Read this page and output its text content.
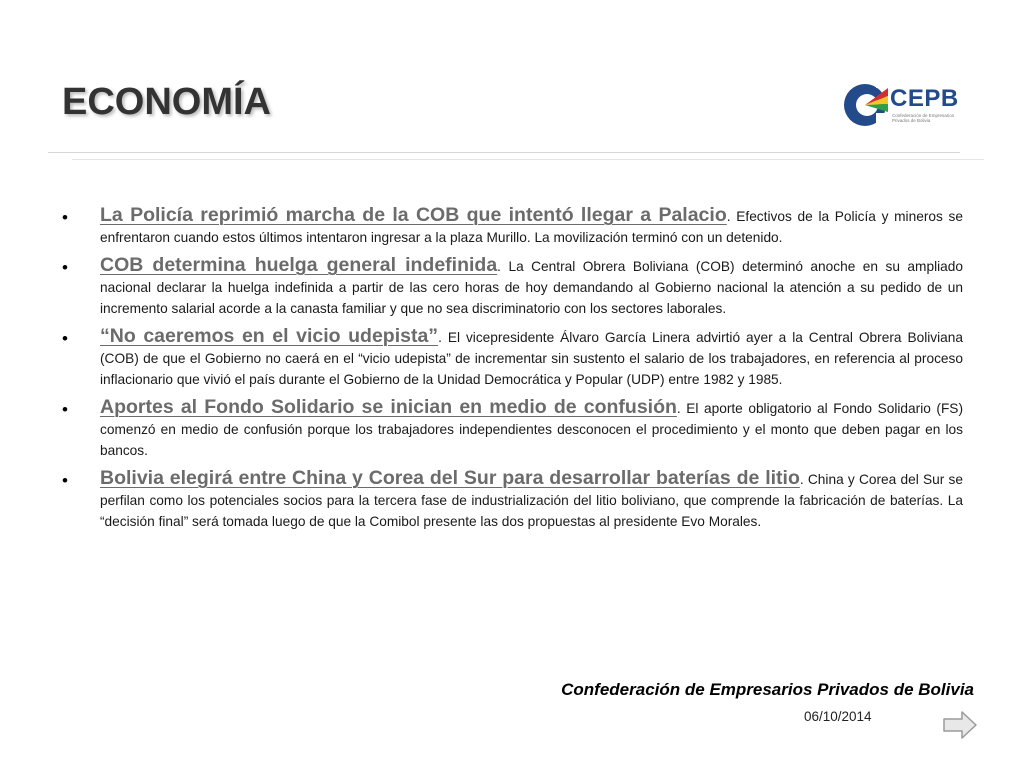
ECONOMÍA	CEPB
Confederación de Empresarios Privados de Bolivia
• La Policía reprimió marcha de la COB que intentó llegar a Palacio. Efectivos de la Policía y mineros se enfrentaron cuando estos últimos intentaron ingresar a la plaza Murillo. La movilización terminó con un detenido.

• COB determina huelga general indefinida. La Central Obrera Boliviana (COB) determinó anoche en su ampliado nacional declarar la huelga indefinida a partir de las cero horas de hoy demandando al Gobierno nacional la atención a su pedido de un incremento salarial acorde a la canasta familiar y que no sea discriminatorio con los sectores laborales.

• “No caeremos en el vicio udepista”. El vicepresidente Álvaro García Linera advirtió ayer a la Central Obrera Boliviana (COB) de que el Gobierno no caerá en el “vicio udepista” de incrementar sin sustento el salario de los trabajadores, en referencia al proceso inflacionario que vivió el país durante el Gobierno de la Unidad Democrática y Popular (UDP) entre 1982 y 1985.

• Aportes al Fondo Solidario se inician en medio de confusión. El aporte obligatorio al Fondo Solidario (FS) comenzó en medio de confusión porque los trabajadores independientes desconocen el procedimiento y el monto que deben pagar en los bancos.

• Bolivia elegirá entre China y Corea del Sur para desarrollar baterías de litio. China y Corea del Sur se perfilan como los potenciales socios para la tercera fase de industrialización del litio boliviano, que comprende la fabricación de baterías. La “decisión final” será tomada luego de que la Comibol presente las dos propuestas al presidente Evo Morales.

Confederación de Empresarios Privados de Bolivia
06/10/2014
